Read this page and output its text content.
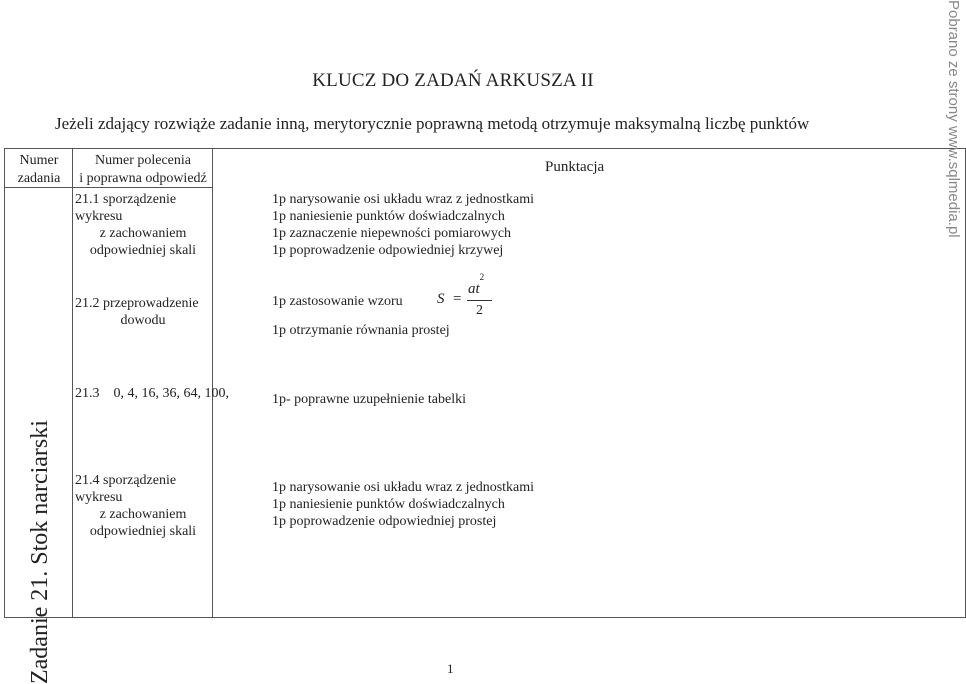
KLUCZ DO ZADAŃ ARKUSZA II
Jeżeli zdający rozwiąże zadanie inną, merytorycznie poprawną metodą otrzymuje maksymalną liczbę punktów
Numer
zadania
Numer polecenia
i poprawna odpowiedź
Punktacja
Zadanie 21. Stok narciarski
21.1 sporządzenie wykresu
z zachowaniem
odpowiedniej skali
1p narysowanie osi układu wraz z jednostkami
1p naniesienie punktów doświadczalnych
1p zaznaczenie niepewności pomiarowych
1p poprowadzenie odpowiedniej krzywej
21.2 przeprowadzenie
dowodu
1p zastosowanie wzoru S =
$at^2$
2
1p otrzymanie równania prostej
21.3 0, 4, 16, 36, 64, 100,	1p- poprawne uzupełnienie tabelki
21.4 sporządzenie wykresu
z zachowaniem
odpowiedniej skali
1p narysowanie osi układu wraz z jednostkami
1p naniesienie punktów doświadczalnych
1p poprowadzenie odpowiedniej prostej
Pobrano ze strony www.sqlmedia.pl
1
